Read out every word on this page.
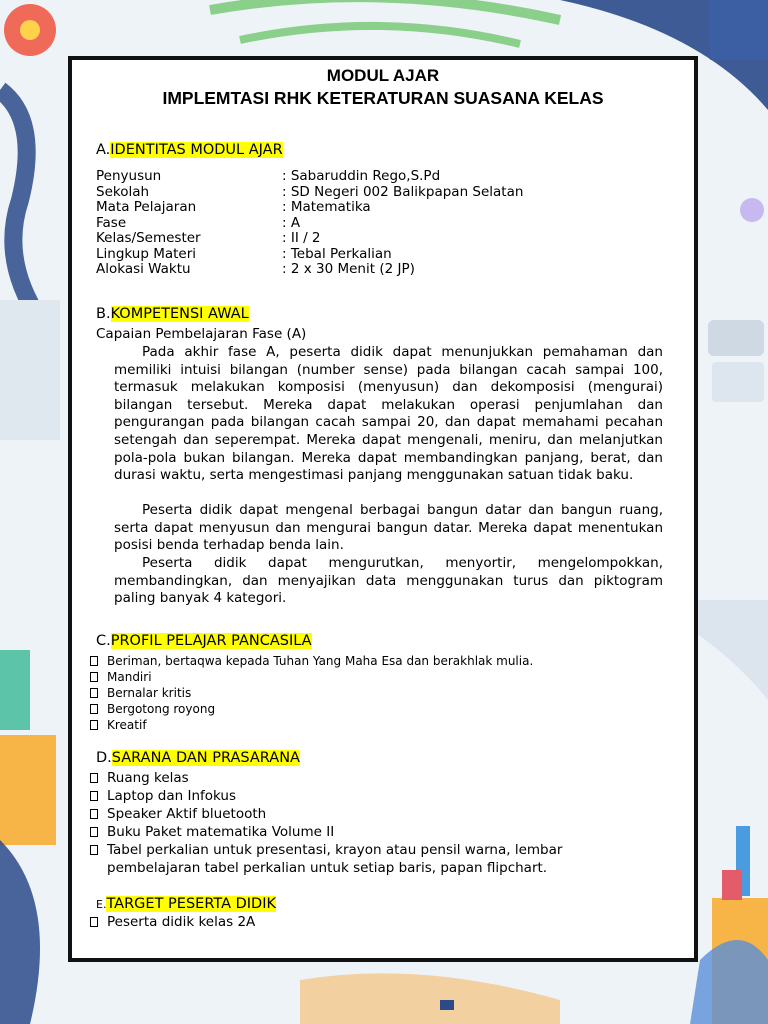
MODUL AJAR
IMPLEMTASI RHK KETERATURAN SUASANA KELAS
A.IDENTITAS MODUL AJAR
Penyusun	: Sabaruddin Rego,S.Pd
Sekolah	: SD Negeri 002 Balikpapan Selatan
Mata Pelajaran	: Matematika
Fase	: A
Kelas/Semester	: II / 2
Lingkup Materi	: Tebal Perkalian
Alokasi Waktu	: 2 x 30 Menit (2 JP)
B.KOMPETENSI AWAL
Capaian Pembelajaran Fase (A)

Pada akhir fase A, peserta didik dapat menunjukkan pemahaman dan memiliki intuisi bilangan (number sense) pada bilangan cacah sampai 100, termasuk melakukan komposisi (menyusun) dan dekomposisi (mengurai) bilangan tersebut. Mereka dapat melakukan operasi penjumlahan dan pengurangan pada bilangan cacah sampai 20, dan dapat memahami pecahan setengah dan seperempat. Mereka dapat mengenali, meniru, dan melanjutkan pola-pola bukan bilangan. Mereka dapat membandingkan panjang, berat, dan durasi waktu, serta mengestimasi panjang menggunakan satuan tidak baku.

Peserta didik dapat mengenal berbagai bangun datar dan bangun ruang, serta dapat menyusun dan mengurai bangun datar. Mereka dapat menentukan posisi benda terhadap benda lain.

Peserta didik dapat mengurutkan, menyortir, mengelompokkan, membandingkan, dan menyajikan data menggunakan turus dan piktogram paling banyak 4 kategori.

C.PROFIL PELAJAR PANCASILA
Beriman, bertaqwa kepada Tuhan Yang Maha Esa dan berakhlak mulia.
Mandiri
Bernalar kritis
Bergotong royong
Kreatif
D.SARANA DAN PRASARANA
Ruang kelas
Laptop dan Infokus
Speaker Aktif bluetooth
Buku Paket matematika Volume II
Tabel perkalian untuk presentasi, krayon atau pensil warna, lembar pembelajaran tabel perkalian untuk setiap baris, papan flipchart.
E.TARGET PESERTA DIDIK
Peserta didik kelas 2A
